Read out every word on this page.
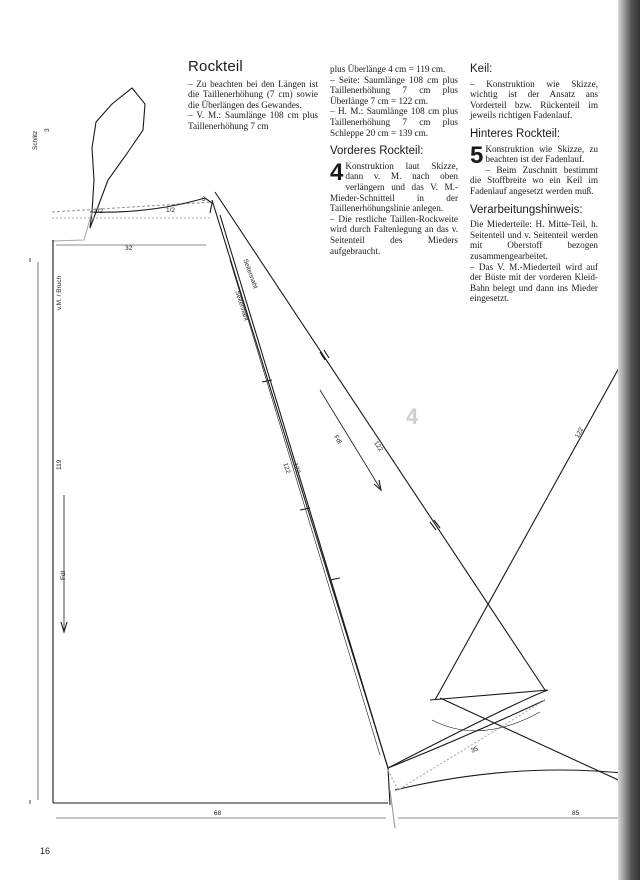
Schlitz
3
1/2	1/2
3
32
v.M. / Bruch
119
Fdl
68	85
35
Seitennaht
Seitennaht
122 122
122
122
Fdl
4
Rockteil

– Zu beachten bei den Längen ist die Taillenerhöhung (7 cm) sowie die Überlängen des Gewandes.

– V. M.: Saumlänge 108 cm plus Taillenerhöhung 7 cm

plus Überlänge 4 cm = 119 cm.

– Seite: Saumlänge 108 cm plus Taillenerhöhung 7 cm plus Überlänge 7 cm = 122 cm.

– H. M.: Saumlänge 108 cm plus Taillenerhöhung 7 cm plus Schleppe 20 cm = 139 cm.

Vorderes Rockteil:

4 Konstruktion laut Skizze, dann v. M. nach oben verlängern und das V. M.-Mieder-Schnitteil in der Taillenerhöhungslinie anlegen.

– Die restliche Taillen-Rockweite wird durch Faltenlegung an das v. Seitenteil des Mieders aufgebraucht.

Keil:

– Konstruktion wie Skizze, wichtig ist der Ansatz ans Vorderteil bzw. Rückenteil im jeweils richtigen Fadenlauf.

Hinteres Rockteil:

5 Konstruktion wie Skizze, zu beachten ist der Fadenlauf.

– Beim Zuschnitt bestimmt die Stoffbreite wo ein Keil im Fadenlauf angesetzt werden muß.

Verarbeitungshinweis:

Die Miederteile: H. Mitte-Teil, h. Seitenteil und v. Seitenteil werden mit Oberstoff bezogen zusammengearbeitet.

– Das V. M.-Miederteil wird auf der Büste mit der vorderen Kleid-Bahn belegt und dann ins Mieder eingesetzt.

16
